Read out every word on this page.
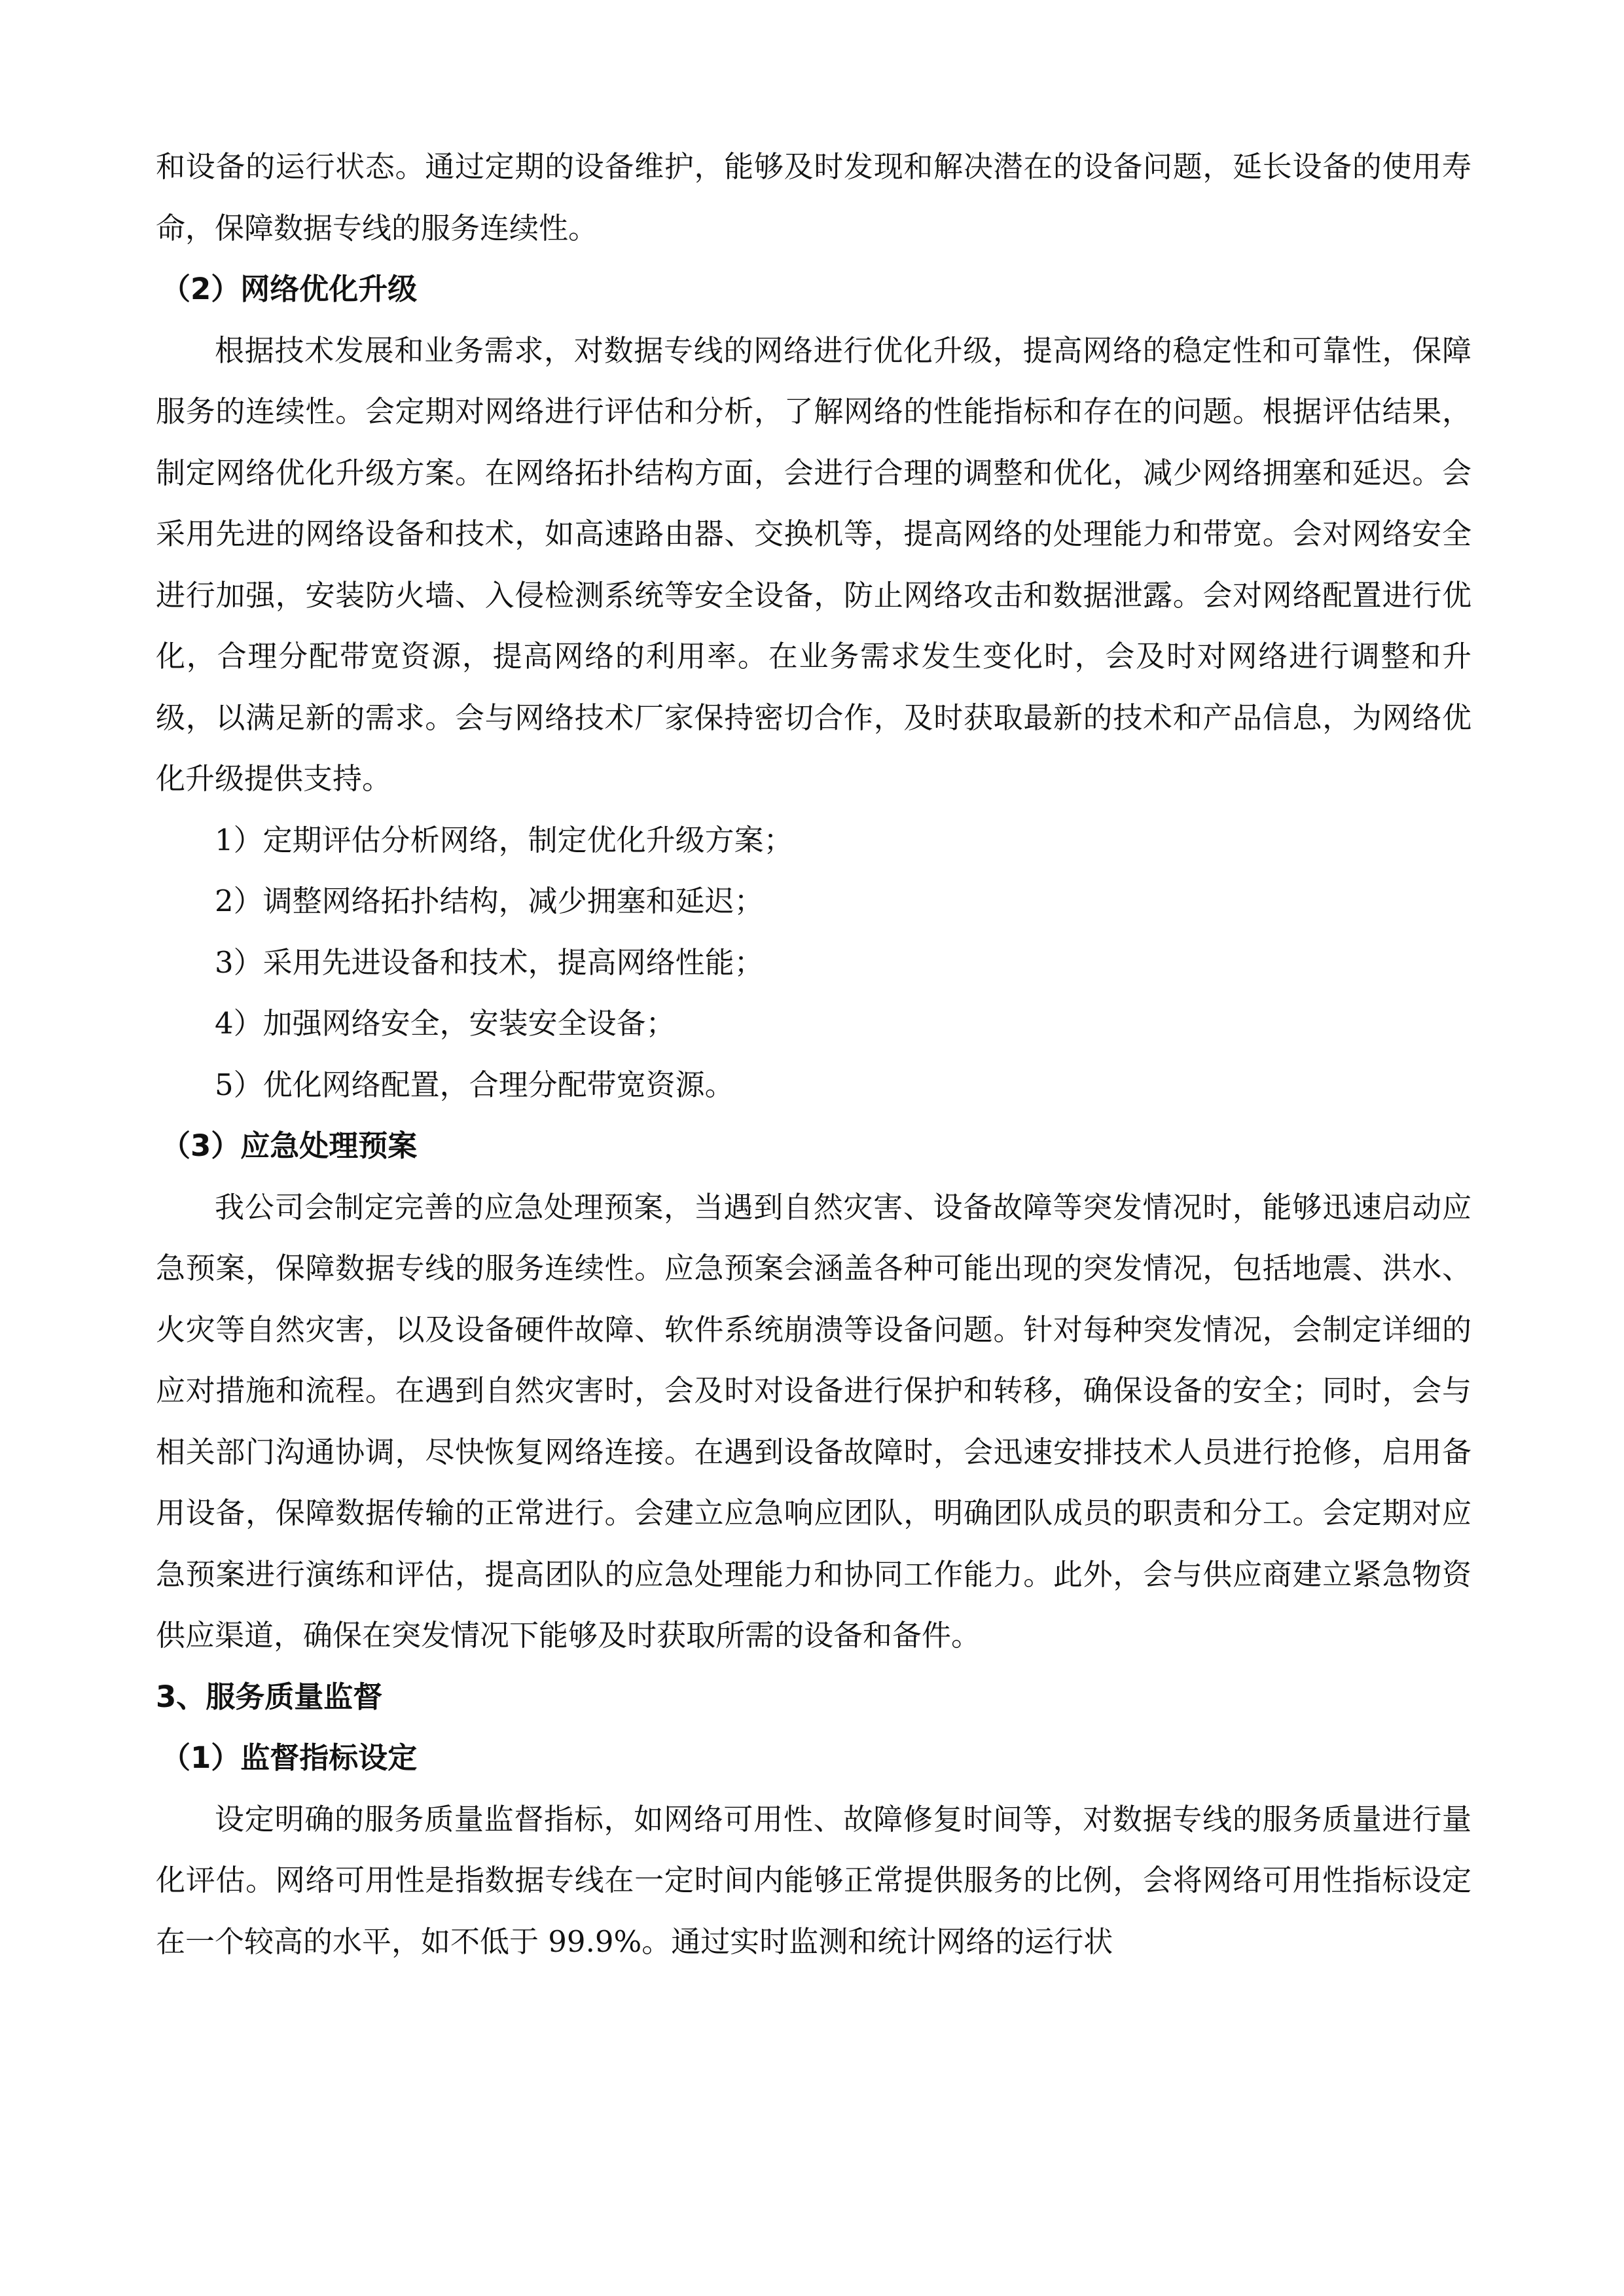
和设备的运行状态。通过定期的设备维护，能够及时发现和解决潜在的设备问题，延长设备的使用寿命，保障数据专线的服务连续性。

（2）网络优化升级

根据技术发展和业务需求，对数据专线的网络进行优化升级，提高网络的稳定性和可靠性，保障服务的连续性。会定期对网络进行评估和分析，了解网络的性能指标和存在的问题。根据评估结果，制定网络优化升级方案。在网络拓扑结构方面，会进行合理的调整和优化，减少网络拥塞和延迟。会采用先进的网络设备和技术，如高速路由器、交换机等，提高网络的处理能力和带宽。会对网络安全进行加强，安装防火墙、入侵检测系统等安全设备，防止网络攻击和数据泄露。会对网络配置进行优化，合理分配带宽资源，提高网络的利用率。在业务需求发生变化时，会及时对网络进行调整和升级，以满足新的需求。会与网络技术厂家保持密切合作，及时获取最新的技术和产品信息，为网络优化升级提供支持。

1）定期评估分析网络，制定优化升级方案；

2）调整网络拓扑结构，减少拥塞和延迟；

3）采用先进设备和技术，提高网络性能；

4）加强网络安全，安装安全设备；

5）优化网络配置，合理分配带宽资源。

（3）应急处理预案

我公司会制定完善的应急处理预案，当遇到自然灾害、设备故障等突发情况时，能够迅速启动应急预案，保障数据专线的服务连续性。应急预案会涵盖各种可能出现的突发情况，包括地震、洪水、火灾等自然灾害，以及设备硬件故障、软件系统崩溃等设备问题。针对每种突发情况，会制定详细的应对措施和流程。在遇到自然灾害时，会及时对设备进行保护和转移，确保设备的安全；同时，会与相关部门沟通协调，尽快恢复网络连接。在遇到设备故障时，会迅速安排技术人员进行抢修，启用备用设备，保障数据传输的正常进行。会建立应急响应团队，明确团队成员的职责和分工。会定期对应急预案进行演练和评估，提高团队的应急处理能力和协同工作能力。此外，会与供应商建立紧急物资供应渠道，确保在突发情况下能够及时获取所需的设备和备件。

3、服务质量监督

（1）监督指标设定

设定明确的服务质量监督指标，如网络可用性、故障修复时间等，对数据专线的服务质量进行量化评估。网络可用性是指数据专线在一定时间内能够正常提供服务的比例，会将网络可用性指标设定在一个较高的水平，如不低于 99.9%。通过实时监测和统计网络的运行状
